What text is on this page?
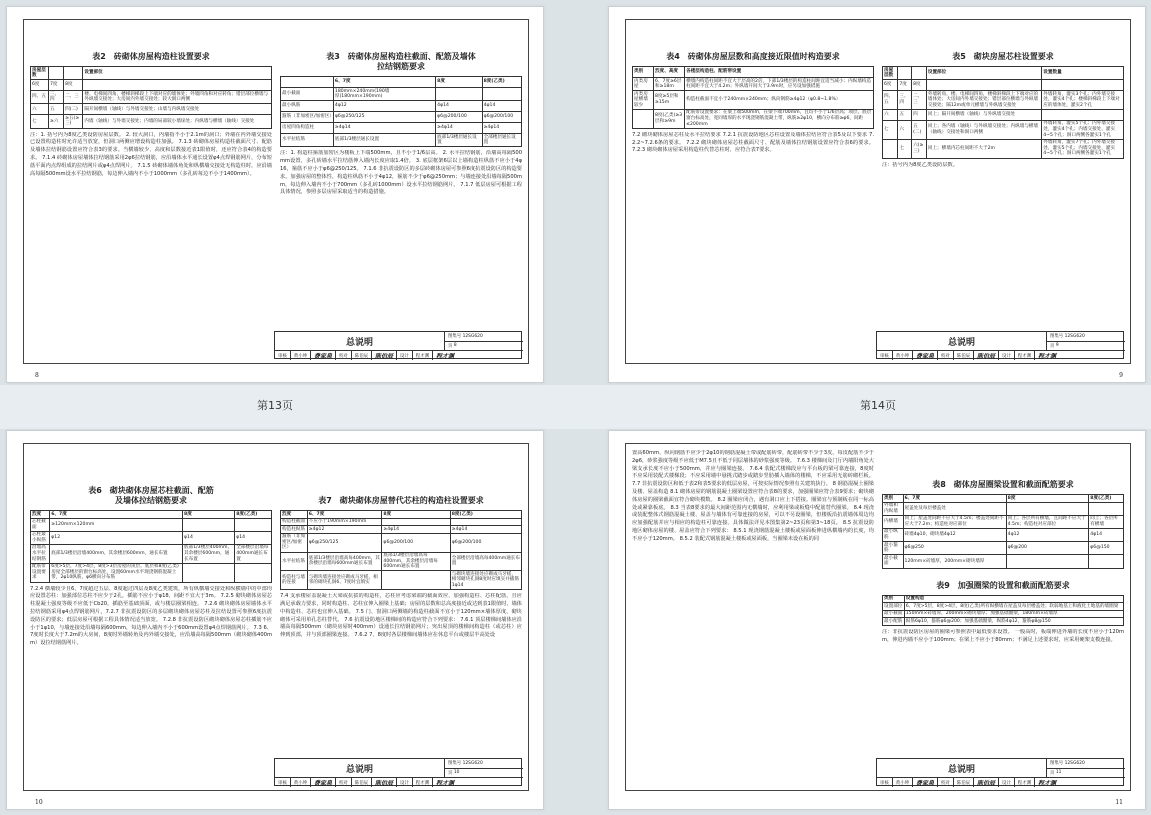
表2　砖砌体房屋构造柱设置要求
房屋层数			设置部位
6度	7度	8度	
四、五	三、四	二、三	楼、电梯间四角，楼梯斜梯段上下端对应的墙体处；外墙四角和对应转角；错层部位横墙与外纵墙交接处；大房间内外墙交接处；较大洞口两侧
六	五	四(二)	隔开间横墙（轴线）与外墙交接处；山墙与内纵墙交接处
七	≥六	≥五(≥三)	内墙（轴线）与外墙交接处；内墙的局部较小墙垛处；内纵墙与横墙（轴线）交接处
注：1. 括号内为8度乙类设防房屋层数。 2. 较大洞口，内墙指不小于2.1m的洞口；外墙在内外墙交接处已设置构造柱时允许适当放宽，但洞口两侧应增设构造柱加强。 7.1.3 砖砌体房屋构造柱截面尺寸、配筋及墙体拉结钢筋设置应符合表3的要求。当横墙较少、高度和层数接近表1限值时，还应符合表4的构造要求。 7.1.4 砖砌体房屋墙体拉结钢筋采用2φ6拉结钢筋，应沿墙体水平通长设置φ4点焊钢筋网片，分布短筋平面内点焊组成的拉结网片或φ4点焊网片。 7.1.5 砖砌体墙体角处和纵横墙交接处无构造柱时，应沿墙高每隔500mm设水平拉结钢筋，每边伸入墙内不小于1000mm（多孔砖每边不小于1400mm）。
表3　砖砌体房屋构造柱截面、配筋及墙体
拉结钢筋要求
	6、7度	8度	8度(乙类)
最小截面	180mm×240mm(190墙厚)180mm×190mm)		
最小纵筋	4φ12	4φ14	4φ14
箍筋（非加密区/加密区）	φ6@250/125	φ6@200/100	φ6@200/100
房屋四角构造柱	≥4φ14	≥4φ14	≥4φ14
水平拉结筋	底部1/3楼层通长设置	底部1/3楼层通长设置	全部楼层通长设置
注：1. 构造柱箍筋加密区为楼板上下端500mm，且不小于1/6层高。 2. 水平拉结钢筋，沿墙高每隔500mm设置，多孔砖墙水平拉结筋伸入墙内长度应取1.4倍。 3. 底层框架6层以上墙构造柱纵筋不应小于4φ16，箍筋不应小于φ6@250/125。 7.1.6 非抗震设防区的多层砖砌体房屋可参照6度抗震设防区的构造要求。加强房屋的整体性，构造柱纵筋不小于4φ12，箍筋不少于φ6@250mm；与墙连接处沿墙每隔500mm，每边伸入墙内不小于700mm（多孔砖1000mm）设水平拉结钢筋网片。 7.1.7 低层房屋可根据工程具体情况，参照多层房屋采取适当的构造措施。
总说明
图集号
12SG620
页
8
审核	黄小坤	费家泉	校对	陈伯辰	陈伯辰	设计	程才渊	程才渊
8
第13页
表4　砖砌体房屋层数和高度接近限值时构造要求
类别	烈度、高度	各楼层构造柱、配筋带设置
丙类房屋	6、7度≥6层和≥18m	横墙内构造柱间距不宜大于层高的2倍，下部1/3楼层的构造柱间距宜适当减小；内纵墙构造柱间距不宜大于4.2m；外纵墙开间大于3.9m时，应另设加强措施
丙类房屋横墙较少	8度≥5层和≥15m	构造柱截面不宜小于240mm×240mm；纵向钢筋≥4φ12（φ0.8~1.8%）
	8度(乙类)≥3层和≥9m	配筋带设置要求：在梁上端500mm，在梁下端700mm，且均不小于1/6层高；项层、底层窗台标高处，宽同墙厚的水平现浇钢筋混凝土带，纵筋≥2φ10，横向分布筋≥φ6，间距≤200mm
7.2 砌块砌体房屋芯柱及水平拉结要求 7.2.1 抗震设防地区芯柱设置及墙体拉结应符合表5及以下要求 7.2.2~7.2.6条的要求。 7.2.2 砌块砌体房屋芯柱截面尺寸、配筋及墙体拉结钢筋设置应符合表6的要求。 7.2.3 砌块砌体房屋采用构造柱代替芯柱时，应符合表7要求。
表5　砌块房屋芯柱设置要求
房屋层数			设置部位	设置数量
6度	7度	8度		
四、五	三、四	二、三	外墙转角，楼、电梯间四角，楼梯斜梯段上下端对应的墙体处；大房间内外墙交接处；错层部位横墙与外纵墙交接处；隔12m或单元横墙与外纵墙交接处	外墙转角，灌实3个孔；内外墙交接处，灌实4个孔；楼梯斜梯段上下端对应的墙体处，灌实2个孔
六	五	四	同上；隔开间横墙（轴线）与外纵墙交接处	
七	六	五(二)	同上；各内墙（轴线）与外纵墙交接处；内纵墙与横墙（轴线）交接处和洞口两侧	外墙转角，灌实5个孔；内外墙交接处，灌实4个孔；内墙交接处，灌实4~5个孔；洞口两侧各灌实1个孔
	七	六(≥三)	同上；横墙内芯柱间距不大于2m	外墙转角，灌实7个孔；内外墙交接处，灌实5个孔；内墙交接处，灌实4~5个孔；洞口两侧各灌实1个孔
注：括号内为8度乙类设防层数。
总说明
图集号
12SG620
页
9
审核	黄小坤	费家泉	校对	陈伯辰	陈伯辰	设计	程才渊	程才渊
9
第14页
表6　砌块砌体房屋芯柱截面、配筋
及墙体拉结钢筋要求
烈度	6、7度	8度	8度(乙类)
芯柱截面	≥120mm×120mm		
芯柱最小纵筋	φ12	φ14	φ14
沿墙高水平拉结钢筋	底部1/3楼层沿墙400mm，其余楼层600mm，通长布置	底部1/3楼层400mm，其余楼层600mm，通长布置	全部楼层沿墙每400mm通长布置
配筋带设置要求	6度>5层，7度>4层，8度>3层房屋的顶层、底层和8度(乙类)房屋全部楼层的窗台标高处，设置60mm水平现浇钢筋混凝土带，2φ10纵筋，φ6横向分布筋		
7.2.4 横墙较少且6、7度超过五层、8度超过四层及8度乙类建筑，所有纵横墙交接处和纵横墙中的中部均应设置芯柱：加强部位芯柱不应少于2孔，插筋不应小于φ18，间距不宜大于3m。 7.2.5 砌块砌体房屋芯柱混凝土强度等级不应低于Cb20，插筋至基础顶面，或与楼层圈梁相连。 7.2.6 砌块砌体房屋墙体水平拉结钢筋采用φ4点焊钢筋网片，7.2.7 非抗震设防区的多层砌块砌体房屋芯柱及拉结设置可参照6度抗震设防区的要求；低层房屋可根据工程具体情况适当放宽。 7.2.8 非抗震设防区砌块砌体房屋芯柱插筋不应小于1φ10，与墙连接处沿墙每隔600mm，每边伸入墙内不小于600mm设置φ4点焊钢筋网片。 7.3 6、7度时长度大于7.2m的大房间，8度时外墙转角及内外墙交接处，应沿墙高每隔500mm（砌块砌体400mm）设拉结钢筋网片。
表7　砌块砌体房屋替代芯柱的构造柱设置要求
烈度	6、7度	8度	8度(乙类)
构造柱截面	不应小于190mm×190mm		
构造柱纵筋	≥4φ12	≥4φ14	≥4φ14
箍筋（非加密区/加密区）	φ6@250/125	φ6@200/100	φ6@200/100
水平拉结筋	底部1/3楼层沿墙高每400mm，其余楼层沿墙每600mm通长布置	底部1/3楼层沿墙高每400mm，其余楼层沿墙每600mm通长布置	全部楼层沿墙高每400mm通长布置
构造柱与墙的连接	与砌块墙连接处应砌成马牙槎，相邻的砌块孔洞6、7度时宜填实		与砌块墙连接处应砌成马牙槎，相邻砌块孔洞8度时应填实并插筋1φ14
7.4 支承楼屋盖混凝土大梁或抗拔的构造柱，芯柱应考虑梁端的截面效应，加强构造柱、芯柱配筋，且应满足承载力要求，同时构造柱、芯柱宜伸入圈梁上基础；房屋的层数和总高度接近或达到表1限值时，墙体中构造柱、芯柱也宜伸入基础。 7.5 门、窗洞口两侧墙的构造柱截面不宜小于120mm×墙体厚度，砌块砌体可采用单孔芯柱替代。 7.6 抗震设防地区楼梯间的构造应符合下列要求： 7.6.1 顶层楼梯间墙体应沿墙高每隔500mm（砌块房屋时400mm）设通长拉结钢筋网片；突出屋顶的楼梯间构造柱（或芯柱）应伸到顶部，并与顶部圈梁连接。 7.6.2 7、8度时各层楼梯间墙体应在休息平台或楼层半高处设
总说明
图集号
12SG620
页
10
审核	黄小坤	费家泉	校对	陈伯辰	陈伯辰	设计	程才渊	程才渊
10
置高60mm、纵向钢筋不应少于2φ10的钢筋混凝土带或配筋砖带，配筋砖带不少于3皮，每皮配筋不少于2φ6，砂浆强度等级不应低于M7.5且不低于同层墙体的砂浆强度等级。 7.6.3 楼梯间及门厅内墙阳角处大梁支承长度不应小于500mm，并应与圈梁连接。 7.6.4 装配式楼梯段应与平台板的梁可靠连接，8度时不应采用装配式楼梯段；不应采用墙中悬挑式踏步或踏步竖肋插入墙体的楼梯，不应采用无筋砖砌栏板。 7.7 非抗震设防区和低于表2和表5要求的低层房屋，可按实际情况参照有关建筑执行。 8 钢筋混凝土圈梁及楼、屋盖构造 8.1 砌体房屋的钢筋混凝土圈梁设置应符合表8的要求，加强圈梁应符合表9要求；砌块砌体房屋的圈梁截面宜符合砌块模数。 8.2 圈梁应闭合，遇有洞口应上下搭接。圈梁宜与预制板在同一标高处或紧靠板底。 8.3 当表8要求的最大间距范围内无横墙时，应利用梁或板缝中配筋替代圈梁。 8.4 现浇或装配整体式钢筋混凝土楼、屋盖与墙体有可靠连接的房屋，可以不另设圈梁，但楼板沿抗震墙体周边均应加强配筋并应与相应的构造柱可靠连接。具体做法详见本图集第2~23页和第3~18页。 8.5 抗震设防地区砌体房屋的楼、屋盖应符合下列要求： 8.5.1 现浇钢筋混凝土楼板或屋面板伸进纵横墙内的长度，均不应小于120mm。 8.5.2 装配式钢筋混凝土楼板或屋面板，当圈梁未设在板的同
表8　砌体房屋圈梁设置和截面配筋要求
类别	6、7度	8度	8度(乙类)
外墙和内纵墙	屋盖处及每层楼盖处		
内横墙	同上；屋盖处间距不应大于4.5m；楼盖处间距不应大于7.2m；构造柱对应部位	同上；各层所有横墙，且间距不应大于4.5m；构造柱对应部位	同上；各层所有横墙
最小纵筋	砖墙4φ10，砌块墙4φ12	4φ12	4φ14
最小箍筋	φ6@250	φ6@200	φ6@150
最小截面	120mm×砖墙厚，200mm×砌块墙厚		
表9　加强圈梁的设置和截面配筋要求
类别	设置构造
设置部位	6、7度>5层，8度>4层，8度(乙类)所有纵横墙在屋盖及每层楼盖处；软弱地基上和液化土地基的墙圈梁
最小截面	150mm×砖墙厚，200mm×砌块墙厚；加强基础圈梁，180mm×砖墙厚
最小配筋	纵筋6φ10，箍筋φ6@200；加强基础圈梁，纵筋4φ12，箍筋φ8@150
注：非抗震设防区房屋的圈梁可参照表中最低要求设置。 一般高时，板端伸进外墙的长度不应小于120mm，伸进内墙不应小于100mm；在梁上不应小于80mm；不满足上述要求时，应采用硬架支模连接。
总说明
图集号
12SG620
页
11
审核	黄小坤	费家泉	校对	陈伯辰	陈伯辰	设计	程才渊	程才渊
11
